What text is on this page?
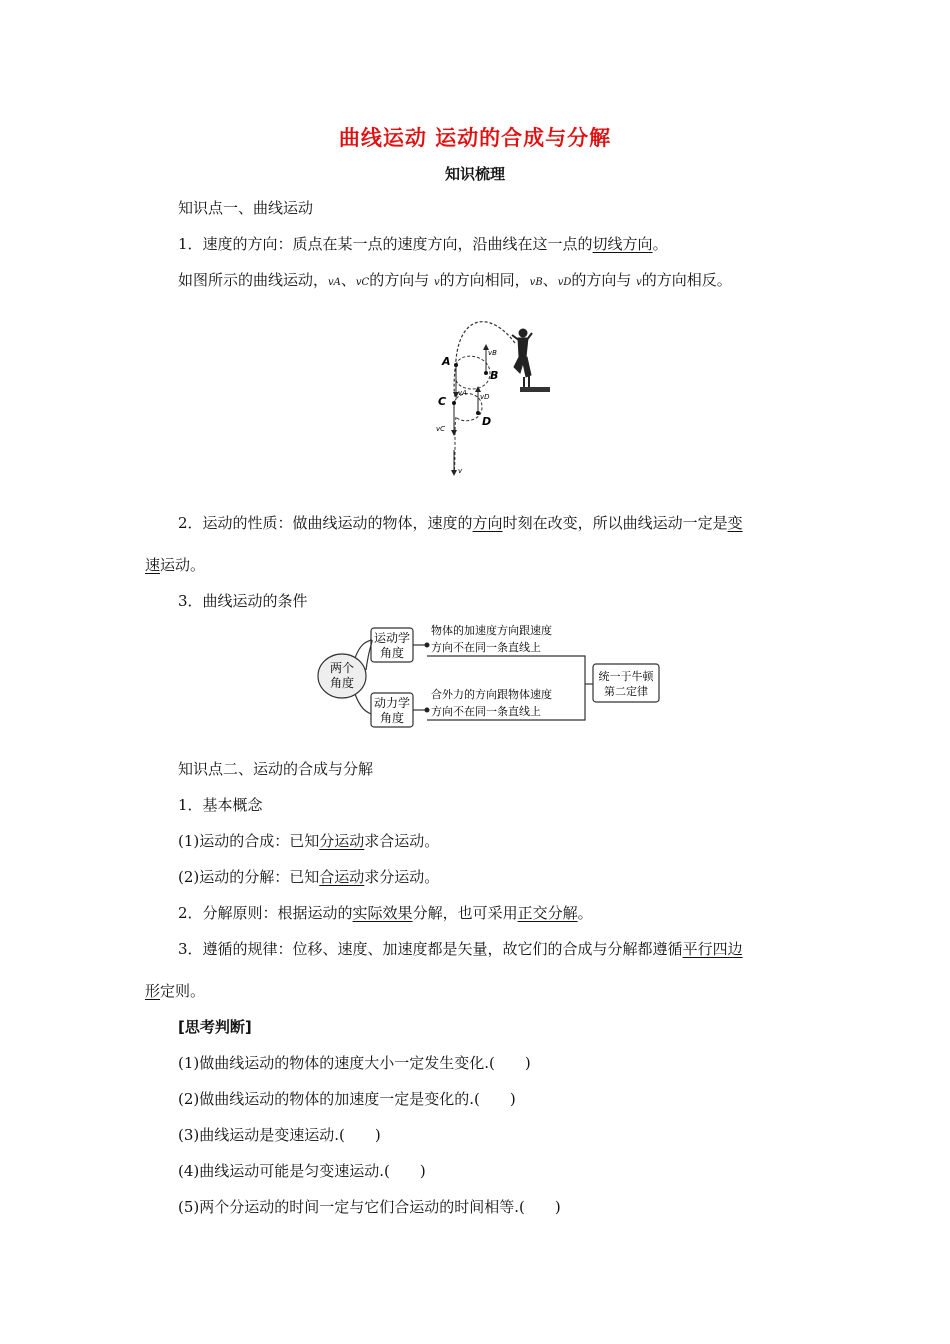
曲线运动 运动的合成与分解
知识梳理
知识点一、曲线运动
1．速度的方向：质点在某一点的速度方向，沿曲线在这一点的切线方向。
如图所示的曲线运动，vA、vC的方向与 v的方向相同，vB、vD的方向与 v的方向相反。
A
B
C
D
vB
vA vD
vC
v
2．运动的性质：做曲线运动的物体，速度的方向时刻在改变，所以曲线运动一定是变
速运动。
3．曲线运动的条件
两个
角度
运动学
角度
动力学
角度
物体的加速度方向跟速度
方向不在同一条直线上
合外力的方向跟物体速度
方向不在同一条直线上
统一于牛顿
第二定律
知识点二、运动的合成与分解
1．基本概念
(1)运动的合成：已知分运动求合运动。
(2)运动的分解：已知合运动求分运动。
2．分解原则：根据运动的实际效果分解，也可采用正交分解。
3．遵循的规律：位移、速度、加速度都是矢量，故它们的合成与分解都遵循平行四边
形定则。
[思考判断]
(1)做曲线运动的物体的速度大小一定发生变化.(　　)
(2)做曲线运动的物体的加速度一定是变化的.(　　)
(3)曲线运动是变速运动.(　　)
(4)曲线运动可能是匀变速运动.(　　)
(5)两个分运动的时间一定与它们合运动的时间相等.(　　)
